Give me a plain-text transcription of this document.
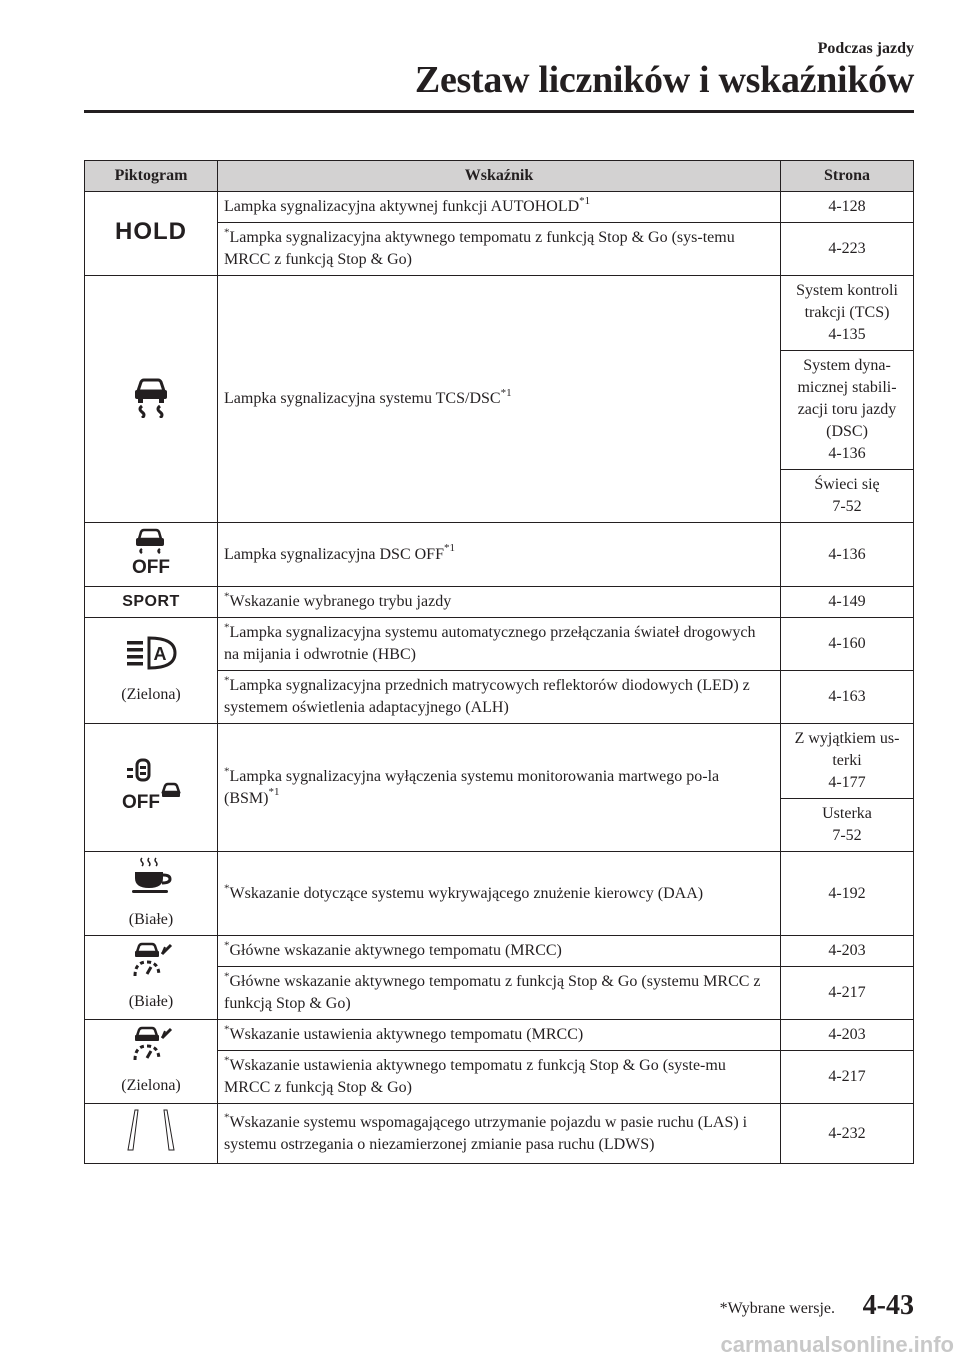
Podczas jazdy
Zestaw liczników i wskaźników
Piktogram	Wskaźnik	Strona
HOLD	Lampka sygnalizacyjna aktywnej funkcji AUTOHOLD$^{*1}$	4-128
	*Lampka sygnalizacyjna aktywnego tempomatu z funkcją Stop & Go (sys-temu MRCC z funkcją Stop & Go)	4-223
	Lampka sygnalizacyjna systemu TCS/DSC$^{*1}$	System kontroli
trakcji (TCS)
4-135

		System dyna-
micznej stabili-
zacji toru jazdy
(DSC)
4-136

		Świeci się
7-52

OFF	Lampka sygnalizacyjna DSC OFF$^{*1}$	4-136
SPORT	*Wskazanie wybranego trybu jazdy	4-149

A
(Zielona)	*Lampka sygnalizacyjna systemu automatycznego przełączania świateł drogowych na mijania i odwrotnie (HBC)	4-160
	*Lampka sygnalizacyjna przednich matrycowych reflektorów diodowych (LED) z systemem oświetlenia adaptacyjnego (ALH)	4-163

OFF	*Lampka sygnalizacyjna wyłączenia systemu monitorowania martwego po-la (BSM)$^{*1}$	Z wyjątkiem us-
terki
4-177

		Usterka
7-52

(Białe)	*Wskazanie dotyczące systemu wykrywającego znużenie kierowcy (DAA)	4-192

(Białe)	*Główne wskazanie aktywnego tempomatu (MRCC)	4-203
	*Główne wskazanie aktywnego tempomatu z funkcją Stop & Go (systemu MRCC z funkcją Stop & Go)	4-217

(Zielona)	*Wskazanie ustawienia aktywnego tempomatu (MRCC)	4-203
	*Wskazanie ustawienia aktywnego tempomatu z funkcją Stop & Go (syste-mu MRCC z funkcją Stop & Go)	4-217
	*Wskazanie systemu wspomagającego utrzymanie pojazdu w pasie ruchu (LAS) i systemu ostrzegania o niezamierzonej zmianie pasa ruchu (LDWS)	4-232
*Wybrane wersje. 4-43
carmanualsonline.info
